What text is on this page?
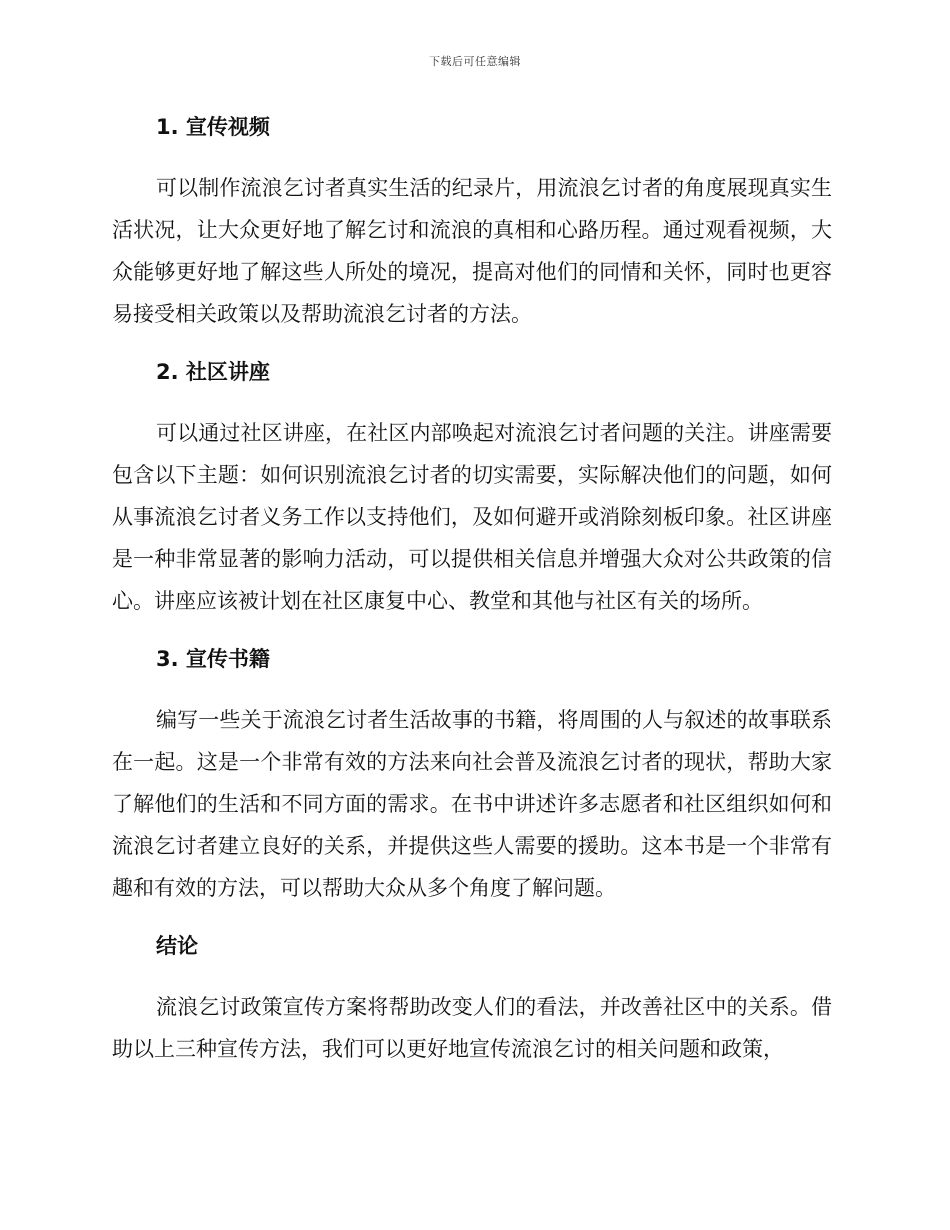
下载后可任意编辑
1. 宣传视频

可以制作流浪乞讨者真实生活的纪录片，用流浪乞讨者的角度展现真实生活状况，让大众更好地了解乞讨和流浪的真相和心路历程。通过观看视频，大众能够更好地了解这些人所处的境况，提高对他们的同情和关怀，同时也更容易接受相关政策以及帮助流浪乞讨者的方法。

2. 社区讲座

可以通过社区讲座，在社区内部唤起对流浪乞讨者问题的关注。讲座需要包含以下主题：如何识别流浪乞讨者的切实需要，实际解决他们的问题，如何从事流浪乞讨者义务工作以支持他们，及如何避开或消除刻板印象。社区讲座是一种非常显著的影响力活动，可以提供相关信息并增强大众对公共政策的信心。讲座应该被计划在社区康复中心、教堂和其他与社区有关的场所。

3. 宣传书籍

编写一些关于流浪乞讨者生活故事的书籍，将周围的人与叙述的故事联系在一起。这是一个非常有效的方法来向社会普及流浪乞讨者的现状，帮助大家了解他们的生活和不同方面的需求。在书中讲述许多志愿者和社区组织如何和流浪乞讨者建立良好的关系，并提供这些人需要的援助。这本书是一个非常有趣和有效的方法，可以帮助大众从多个角度了解问题。

结论

流浪乞讨政策宣传方案将帮助改变人们的看法，并改善社区中的关系。借助以上三种宣传方法，我们可以更好地宣传流浪乞讨的相关问题和政策，
